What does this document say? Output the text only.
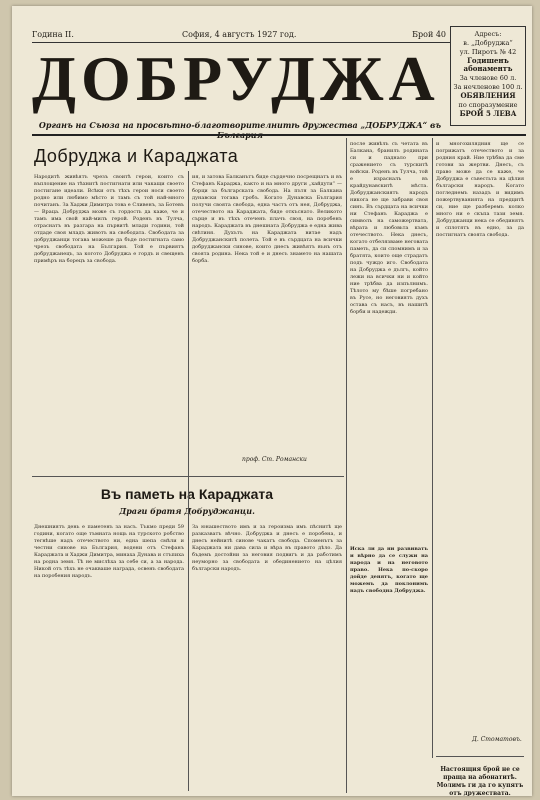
Година II.	София, 4 августъ 1927 год.	Брой 40
ДОБРУДЖА
Органъ на Съюза на просвѣтно-благотворителнитѣ дружества „ДОБРУДЖА“ въ България
Адресъ:
в. „Добруджа“
ул. Пиротъ № 42
Годишенъ абонаментъ
За членове 60 л.
За нечленове 100 л.
ОБЯВЛЕНИЯ
по споразумение
БРОЙ 5 ЛЕВА
Добруджа и Караджата
Народитѣ живѣятъ чрезъ своитѣ герои, които съ въплощение на тѣхнитѣ постигнати или чакащи своето постигане идеали. Всѣки отъ тѣхъ герои носи своето родно или любимо мѣсто и тамъ съ той най-много почитанъ. За Хаджи Димитра това е Сливенъ, за Ботевъ — Враца. Добруджа може съ гордость да каже, че и тамъ има свой най-милъ герой. Роденъ въ Тулча, отраснатъ въ разгара на първитѣ млади години, той отдаде своя младъ животъ на свободата. Свободата за добруджанци тогава можеше да бъде постигната само чрезъ свободата на България. Той е първиятъ добруджанецъ, за когото Добруджа е гордъ и свещенъ примѣръ на борецъ за свобода.
ия, и затова Балканътъ биде сърдечно посрещнатъ и въ Стефанъ Караджа, както и на много други „хайдути“ — борци за българската свобода. На пътя за Балкана дунавски тогава гробъ. Когато Дунавска България получи своята свобода, една частъ отъ нея, Добруджа, отечеството на Караджата, биде откъснато. Великото сърце и въ тѣхъ отеченъ плачъ своя, на поробенъ народъ. Караджата въ днешната Добруджа е една жива свѣтиня. Духътъ на Караджата витае надъ Добруджанскитѣ полета. Той е въ сърдцата на всички добруджански синове, които днесъ живѣятъ вънъ отъ своята родина. Нека той е и днесъ знамето на нашата борба.
проф. Ст. Романски
Въ паметь на Караджата
Драги братя Добруджанци.
Днешниятъ день е паметенъ за насъ. Тъкмо преди 59 години, когато още тъмната нощь на турското робство тегнѣше надъ отечеството ни, една шепа смѣли и честни синове на България, водени отъ Стефанъ Караджата и Хаджи Димитра, минаха Дунава и стъпиха на родна земя. Тѣ не мислѣха за себе си, а за народа. Никой отъ тѣхъ не очакваше награда, освенъ свободата на поробения народъ.
За юнашеството имъ и за героизма имъ пѣснитѣ ще разказватъ вѣчно. Добруджа и днесъ е поробена, и днесъ нейнитѣ синове чакатъ свобода. Споменътъ за Караджата ни дава сила и вѣра въ правото дѣло. Да бъдемъ достойни за неговия подвигъ и да работимъ неуморно за свободата и обединението на цѣлия български народъ.
после живѣлъ съ четата въ Балкана, бранилъ родината си и паднало при сражението съ турскитѣ войски. Роденъ въ Тулча, той е израсналъ въ крайдунавскитѣ мѣста. Добруджанскиятъ народъ никога не ще забрави своя синъ. Въ сърдцата на всички ни Стефанъ Караджа е символъ на саможертвата, вѣрата и любовьта къмъ отечеството. Нека днесъ, когато отбелязваме неговата паметь, да си спомнимъ и за братята, които още страдатъ подъ чуждо иго. Свободата на Добруджа е дългъ, който лежи на всички ни и който ние трѣбва да изпълнимъ. Тѣлото му бѣше погребано въ Русе, но неговиятъ духъ остава съ насъ, въ нашитѣ борби и надежди.
Иска ли да ни развиватъ и вѣрно да се служи на народа и на неговото право. Нека по-скоро дойде денятъ, когато ще можемъ да поклонимъ надъ свободна Добруджа.
и многохилядния ще се погрижатъ отечеството и за родния край. Ние трѣбва да сме готови за жертви. Днесъ, съ право може да се каже, че Добруджа е съвестьта на цѣлия български народъ. Когато погледнемъ назадъ и видимъ пожертвуванията на предцитѣ си, ние ще разберемъ колко много ни е скъпа тази земя. Добруджанци нека се обединятъ и сплотятъ въ едно, за да постигнатъ своята свобода.
Д. Стоматовъ.
Настоящия брой не се праща на абонатитѣ. Молимъ ги да го купятъ отъ дружествата.
